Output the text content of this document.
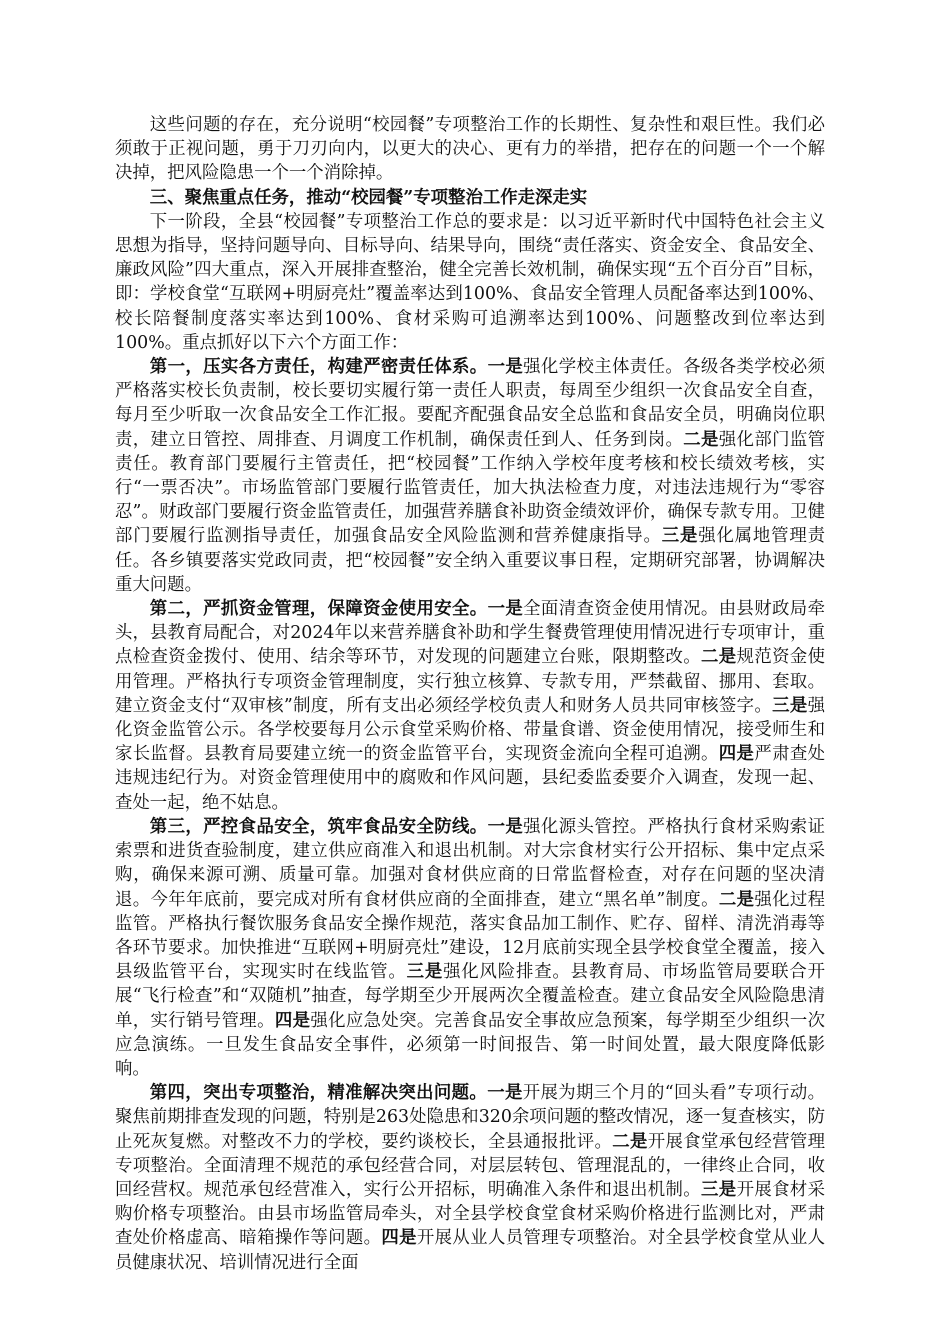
这些问题的存在，充分说明“校园餐”专项整治工作的长期性、复杂性和艰巨性。我们必须敢于正视问题，勇于刀刃向内，以更大的决心、更有力的举措，把存在的问题一个一个解决掉，把风险隐患一个一个消除掉。

三、聚焦重点任务，推动“校园餐”专项整治工作走深走实

下一阶段，全县“校园餐”专项整治工作总的要求是：以习近平新时代中国特色社会主义思想为指导，坚持问题导向、目标导向、结果导向，围绕“责任落实、资金安全、食品安全、廉政风险”四大重点，深入开展排查整治，健全完善长效机制，确保实现“五个百分百”目标，即：学校食堂“互联网+明厨亮灶”覆盖率达到100%、食品安全管理人员配备率达到100%、校长陪餐制度落实率达到100%、食材采购可追溯率达到100%、问题整改到位率达到100%。重点抓好以下六个方面工作：

第一，压实各方责任，构建严密责任体系。一是强化学校主体责任。各级各类学校必须严格落实校长负责制，校长要切实履行第一责任人职责，每周至少组织一次食品安全自查，每月至少听取一次食品安全工作汇报。要配齐配强食品安全总监和食品安全员，明确岗位职责，建立日管控、周排查、月调度工作机制，确保责任到人、任务到岗。二是强化部门监管责任。教育部门要履行主管责任，把“校园餐”工作纳入学校年度考核和校长绩效考核，实行“一票否决”。市场监管部门要履行监管责任，加大执法检查力度，对违法违规行为“零容忍”。财政部门要履行资金监管责任，加强营养膳食补助资金绩效评价，确保专款专用。卫健部门要履行监测指导责任，加强食品安全风险监测和营养健康指导。三是强化属地管理责任。各乡镇要落实党政同责，把“校园餐”安全纳入重要议事日程，定期研究部署，协调解决重大问题。

第二，严抓资金管理，保障资金使用安全。一是全面清查资金使用情况。由县财政局牵头，县教育局配合，对2024年以来营养膳食补助和学生餐费管理使用情况进行专项审计，重点检查资金拨付、使用、结余等环节，对发现的问题建立台账，限期整改。二是规范资金使用管理。严格执行专项资金管理制度，实行独立核算、专款专用，严禁截留、挪用、套取。建立资金支付“双审核”制度，所有支出必须经学校负责人和财务人员共同审核签字。三是强化资金监管公示。各学校要每月公示食堂采购价格、带量食谱、资金使用情况，接受师生和家长监督。县教育局要建立统一的资金监管平台，实现资金流向全程可追溯。四是严肃查处违规违纪行为。对资金管理使用中的腐败和作风问题，县纪委监委要介入调查，发现一起、查处一起，绝不姑息。

第三，严控食品安全，筑牢食品安全防线。一是强化源头管控。严格执行食材采购索证索票和进货查验制度，建立供应商准入和退出机制。对大宗食材实行公开招标、集中定点采购，确保来源可溯、质量可靠。加强对食材供应商的日常监督检查，对存在问题的坚决清退。今年年底前，要完成对所有食材供应商的全面排查，建立“黑名单”制度。二是强化过程监管。严格执行餐饮服务食品安全操作规范，落实食品加工制作、贮存、留样、清洗消毒等各环节要求。加快推进“互联网+明厨亮灶”建设，12月底前实现全县学校食堂全覆盖，接入县级监管平台，实现实时在线监管。三是强化风险排查。县教育局、市场监管局要联合开展“飞行检查”和“双随机”抽查，每学期至少开展两次全覆盖检查。建立食品安全风险隐患清单，实行销号管理。四是强化应急处突。完善食品安全事故应急预案，每学期至少组织一次应急演练。一旦发生食品安全事件，必须第一时间报告、第一时间处置，最大限度降低影响。

第四，突出专项整治，精准解决突出问题。一是开展为期三个月的“回头看”专项行动。聚焦前期排查发现的问题，特别是263处隐患和320余项问题的整改情况，逐一复查核实，防止死灰复燃。对整改不力的学校，要约谈校长，全县通报批评。二是开展食堂承包经营管理专项整治。全面清理不规范的承包经营合同，对层层转包、管理混乱的，一律终止合同，收回经营权。规范承包经营准入，实行公开招标，明确准入条件和退出机制。三是开展食材采购价格专项整治。由县市场监管局牵头，对全县学校食堂食材采购价格进行监测比对，严肃查处价格虚高、暗箱操作等问题。四是开展从业人员管理专项整治。对全县学校食堂从业人员健康状况、培训情况进行全面
